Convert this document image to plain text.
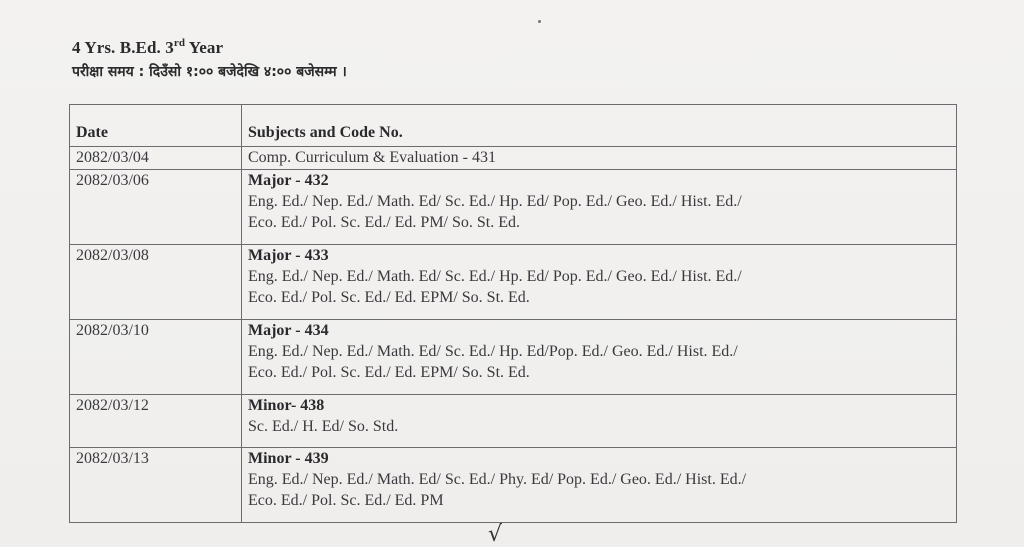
4 Yrs. B.Ed. 3rd Year
परीक्षा समय : दिउँसो १:०० बजेदेखि ४:०० बजेसम्म ।
Date	Subjects and Code No.
2082/03/04	Comp. Curriculum & Evaluation - 431

2082/03/06	Major - 432
Eng. Ed./ Nep. Ed./ Math. Ed/ Sc. Ed./ Hp. Ed/ Pop. Ed./ Geo. Ed./ Hist. Ed./
Eco. Ed./ Pol. Sc. Ed./ Ed. PM/ So. St. Ed.

2082/03/08	Major - 433
Eng. Ed./ Nep. Ed./ Math. Ed/ Sc. Ed./ Hp. Ed/ Pop. Ed./ Geo. Ed./ Hist. Ed./
Eco. Ed./ Pol. Sc. Ed./ Ed. EPM/ So. St. Ed.

2082/03/10	Major - 434
Eng. Ed./ Nep. Ed./ Math. Ed/ Sc. Ed./ Hp. Ed/Pop. Ed./ Geo. Ed./ Hist. Ed./
Eco. Ed./ Pol. Sc. Ed./ Ed. EPM/ So. St. Ed.

2082/03/12	Minor- 438
Sc. Ed./ H. Ed/ So. Std.

2082/03/13	Minor - 439
Eng. Ed./ Nep. Ed./ Math. Ed/ Sc. Ed./ Phy. Ed/ Pop. Ed./ Geo. Ed./ Hist. Ed./
Eco. Ed./ Pol. Sc. Ed./ Ed. PM
√
